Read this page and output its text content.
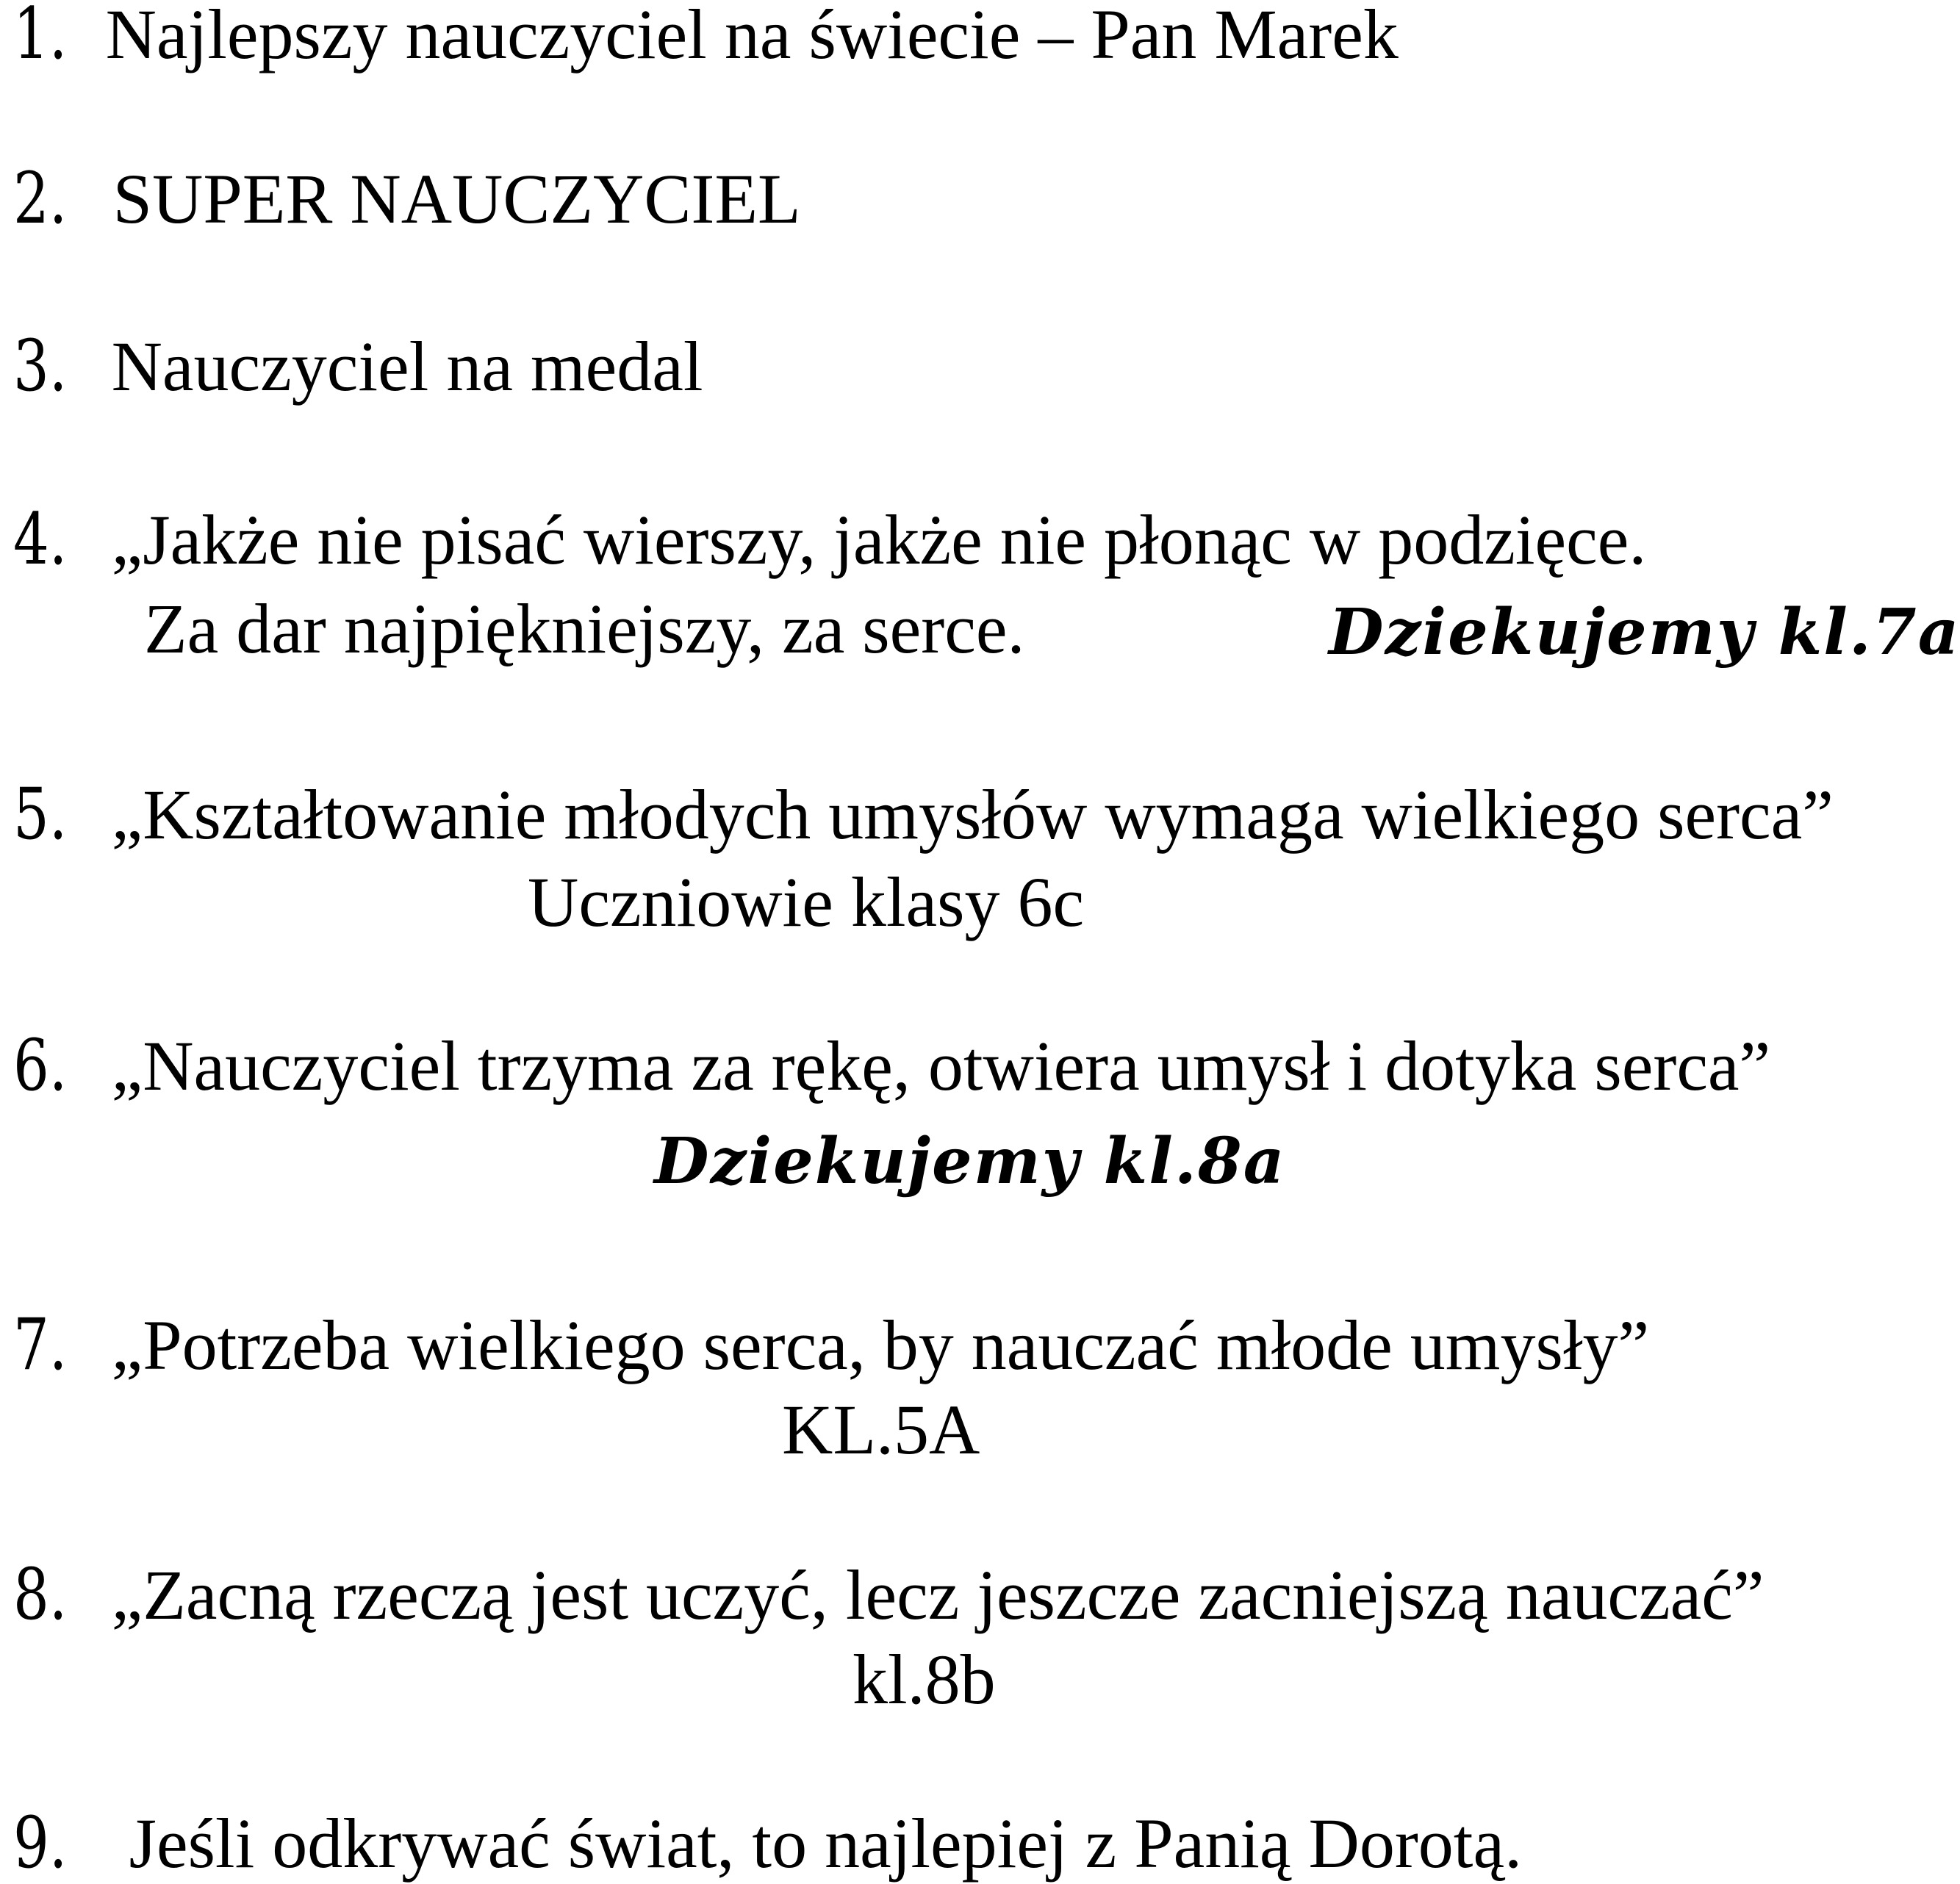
1. Najlepszy nauczyciel na świecie – Pan Marek
2. SUPER NAUCZYCIEL
3. Nauczyciel na medal
4. „Jakże nie pisać wierszy, jakże nie płonąc w podzięce.
Za dar najpiękniejszy, za serce.	Dziekujemy kl.7a
5. „Kształtowanie młodych umysłów wymaga wielkiego serca”
Uczniowie klasy 6c
6. „Nauczyciel trzyma za rękę, otwiera umysł i dotyka serca”
Dziekujemy kl.8a
7. „Potrzeba wielkiego serca, by nauczać młode umysły”
KL.5A
8. „Zacną rzeczą jest uczyć, lecz jeszcze zacniejszą nauczać”
kl.8b
9. Jeśli odkrywać świat, to najlepiej z Panią Dorotą.
